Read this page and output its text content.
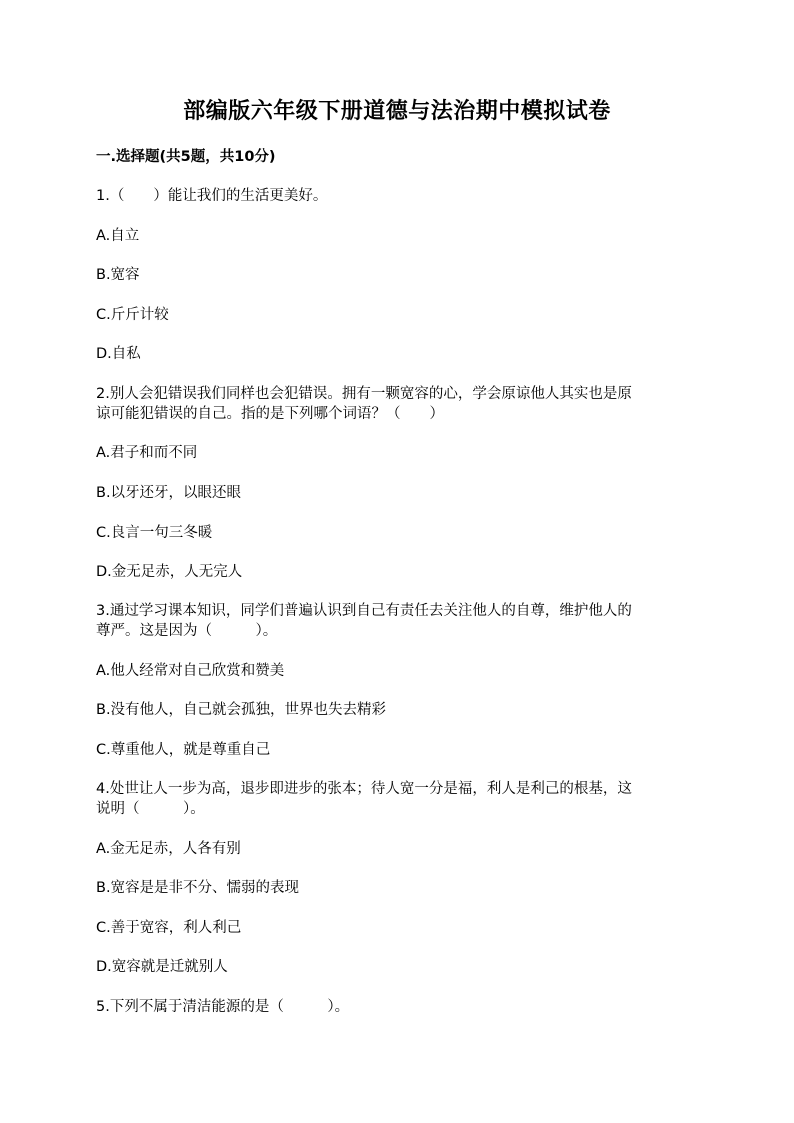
部编版六年级下册道德与法治期中模拟试卷
一.选择题(共5题，共10分)
1.（　　）能让我们的生活更美好。
A.自立
B.宽容
C.斤斤计较
D.自私
2.别人会犯错误我们同样也会犯错误。拥有一颗宽容的心，学会原谅他人其实也是原
谅可能犯错误的自己。指的是下列哪个词语？（　　）
A.君子和而不同
B.以牙还牙，以眼还眼
C.良言一句三冬暖
D.金无足赤，人无完人
3.通过学习课本知识，同学们普遍认识到自己有责任去关注他人的自尊，维护他人的
尊严。这是因为（　　　）。
A.他人经常对自己欣赏和赞美
B.没有他人，自己就会孤独，世界也失去精彩
C.尊重他人，就是尊重自己
4.处世让人一步为高，退步即进步的张本；待人宽一分是福，利人是利己的根基，这
说明（　　　）。
A.金无足赤，人各有别
B.宽容是是非不分、懦弱的表现
C.善于宽容，利人利己
D.宽容就是迁就别人
5.下列不属于清洁能源的是（　　　）。
